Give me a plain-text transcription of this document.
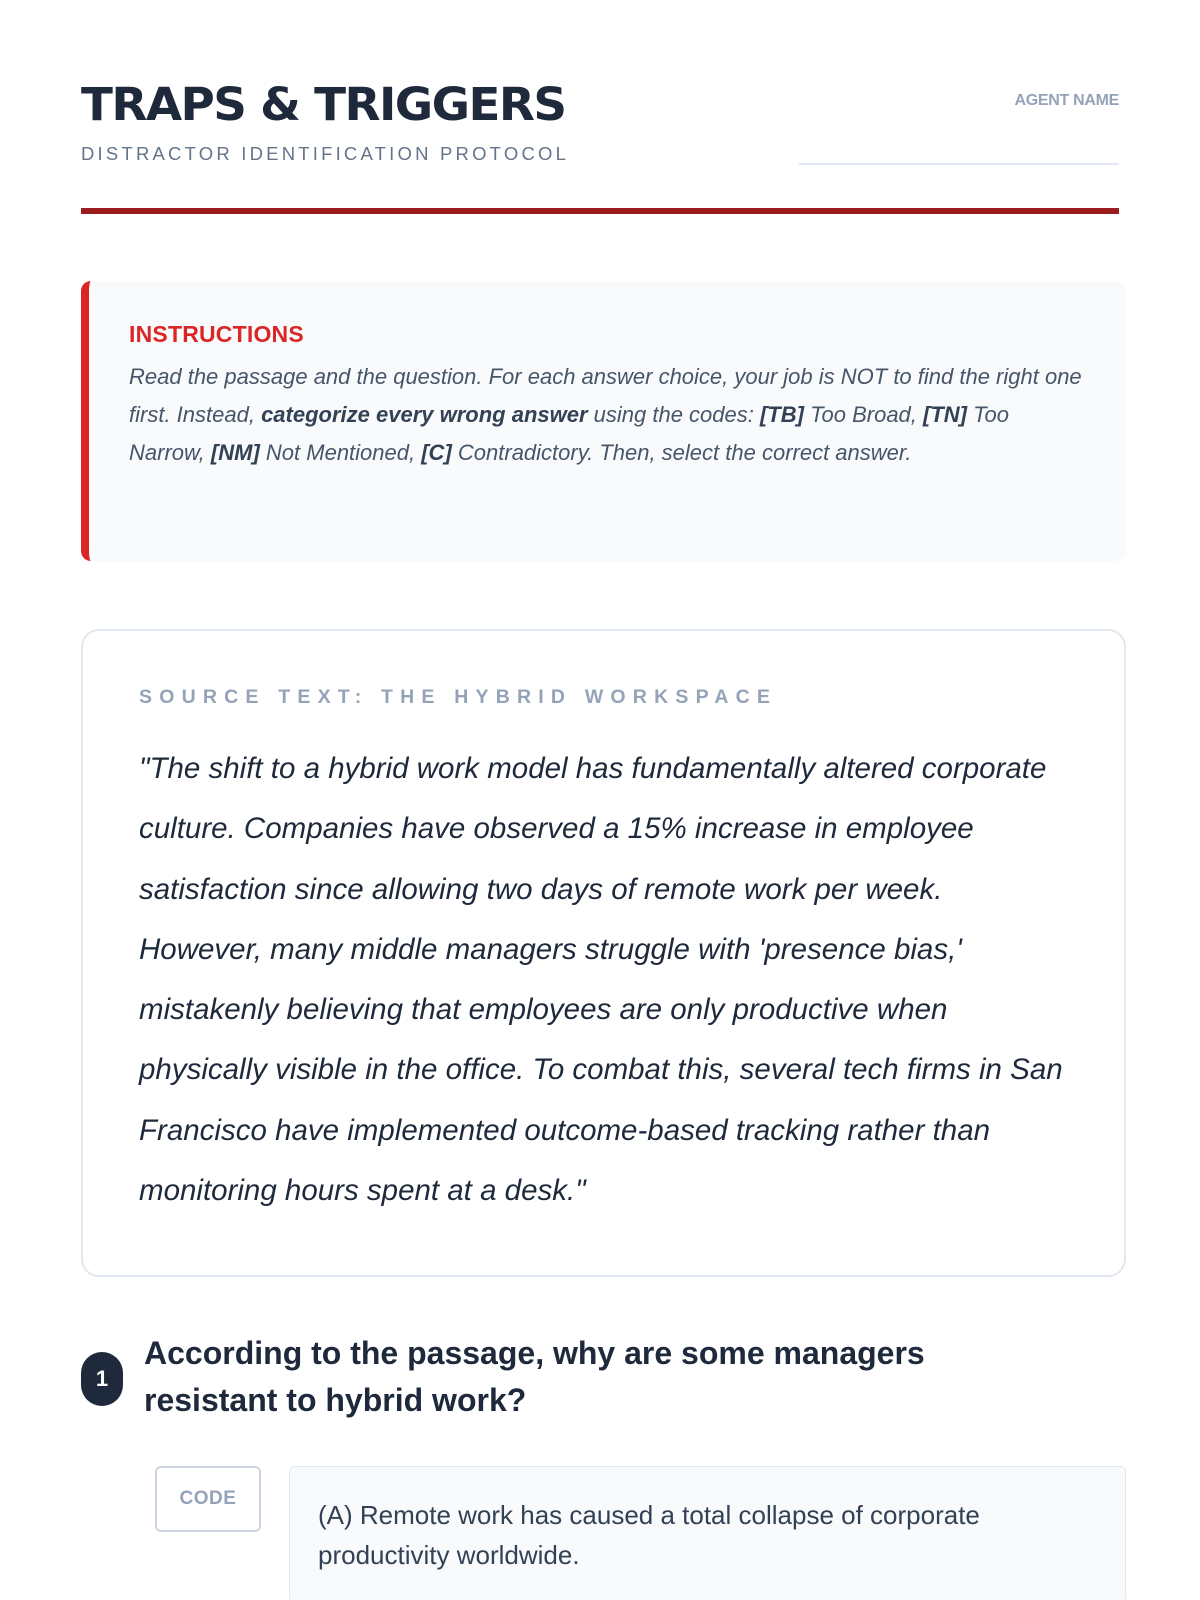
TRAPS & TRIGGERS
DISTRACTOR IDENTIFICATION PROTOCOL
AGENT NAME
INSTRUCTIONS

Read the passage and the question. For each answer choice, your job is NOT to find the right one first. Instead, categorize every wrong answer using the codes: [TB] Too Broad, [TN] Too Narrow, [NM] Not Mentioned, [C] Contradictory. Then, select the correct answer.

SOURCE TEXT: THE HYBRID WORKSPACE

"The shift to a hybrid work model has fundamentally altered corporate culture. Companies have observed a 15% increase in employee satisfaction since allowing two days of remote work per week. However, many middle managers struggle with 'presence bias,' mistakenly believing that employees are only productive when physically visible in the office. To combat this, several tech firms in San Francisco have implemented outcome-based tracking rather than monitoring hours spent at a desk."

1
According to the passage, why are some managers resistant to hybrid work?
CODE
(A) Remote work has caused a total collapse of corporate productivity worldwide.
